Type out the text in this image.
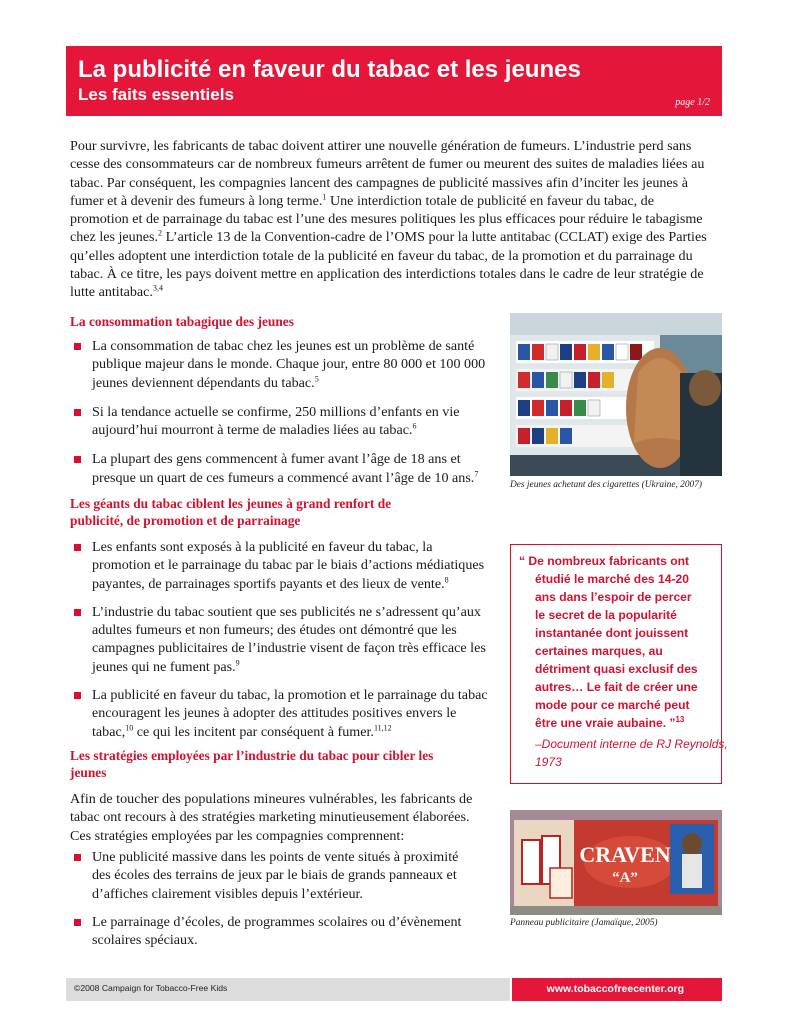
La publicité en faveur du tabac et les jeunes
Les faits essentiels	page 1/2

Pour survivre, les fabricants de tabac doivent attirer une nouvelle génération de fumeurs. L’industrie perd sans cesse des consommateurs car de nombreux fumeurs arrêtent de fumer ou meurent des suites de maladies liées au tabac. Par conséquent, les compagnies lancent des campagnes de publicité massives afin d’inciter les jeunes à fumer et à devenir des fumeurs à long terme.$^1$ Une interdiction totale de publicité en faveur du tabac, de promotion et de parrainage du tabac est l’une des mesures politiques les plus efficaces pour réduire le tabagisme chez les jeunes.$^2$ L’article 13 de la Convention-cadre de l’OMS pour la lutte antitabac (CCLAT) exige des Parties qu’elles adoptent une interdiction totale de la publicité en faveur du tabac, de la promotion et du parrainage du tabac. À ce titre, les pays doivent mettre en application des interdictions totales dans le cadre de leur stratégie de lutte antitabac.$^{3,4}$

La consommation tabagique des jeunes
La consommation de tabac chez les jeunes est un problème de santé publique majeur dans le monde. Chaque jour, entre 80 000 et 100 000 jeunes deviennent dépendants du tabac.$^5$
Si la tendance actuelle se confirme, 250 millions d’enfants en vie aujourd’hui mourront à terme de maladies liées au tabac.$^6$
La plupart des gens commencent à fumer avant l’âge de 18 ans et presque un quart de ces fumeurs a commencé avant l’âge de 10 ans.$^7$
Les géants du tabac ciblent les jeunes à grand renfort de publicité, de promotion et de parrainage
Les enfants sont exposés à la publicité en faveur du tabac, la promotion et le parrainage du tabac par le biais d’actions médiatiques payantes, de parrainages sportifs payants et des lieux de vente.$^8$
L’industrie du tabac soutient que ses publicités ne s’adressent qu’aux adultes fumeurs et non fumeurs; des études ont démontré que les campagnes publicitaires de l’industrie visent de façon très efficace les jeunes qui ne fument pas.$^9$
La publicité en faveur du tabac, la promotion et le parrainage du tabac encouragent les jeunes à adopter des attitudes positives envers le tabac,$^{10}$ ce qui les incitent par conséquent à fumer.$^{11,12}$
Les stratégies employées par l’industrie du tabac pour cibler les jeunes

Afin de toucher des populations mineures vulnérables, les fabricants de tabac ont recours à des stratégies marketing minutieusement élaborées. Ces stratégies employées par les compagnies comprennent:

Une publicité massive dans les points de vente situés à proximité des écoles des terrains de jeux par le biais de grands panneaux et d’affiches clairement visibles depuis l’extérieur.
Le parrainage d’écoles, de programmes scolaires ou d’évènement scolaires spéciaux.
Des jeunes achetant des cigarettes (Ukraine, 2007)
“ De nombreux fabricants ont
étudié le marché des 14-20
ans dans l’espoir de percer
le secret de la popularité
instantanée dont jouissent
certaines marques, au
détriment quasi exclusif des
autres… Le fait de créer une
mode pour ce marché peut
être une vraie aubaine. ”$^{13}$
–Document interne de RJ Reynolds,
1973
CRAVEN
“A”
Panneau publicitaire (Jamaïque, 2005)
©2008 Campaign for Tobacco-Free Kids	www.tobaccofreecenter.org
